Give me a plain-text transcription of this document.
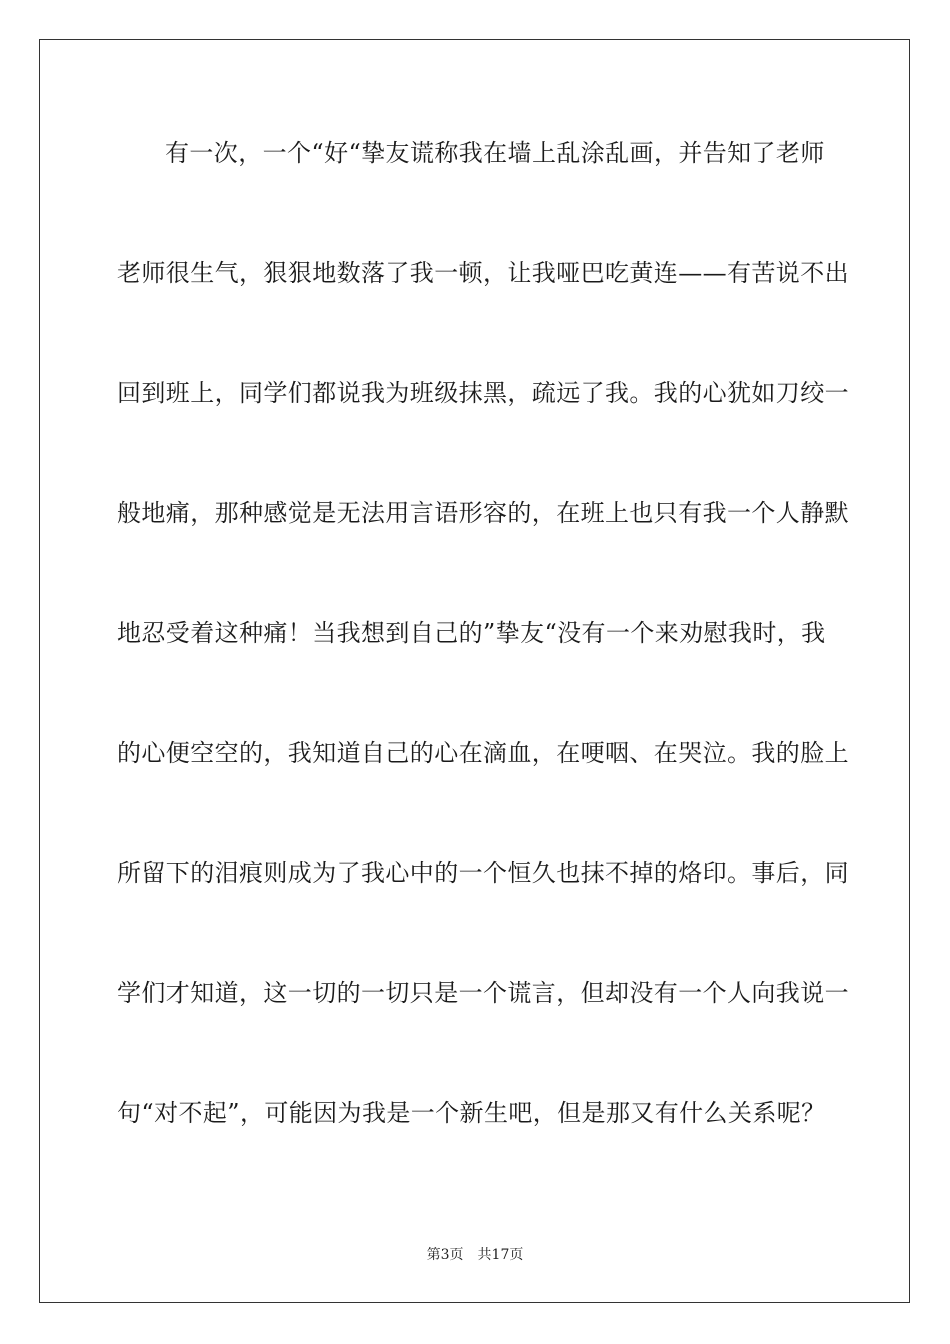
有一次，一个“好“挚友谎称我在墙上乱涂乱画，并告知了老师
老师很生气，狠狠地数落了我一顿，让我哑巴吃黄连——有苦说不出
回到班上，同学们都说我为班级抹黑，疏远了我。我的心犹如刀绞一
般地痛，那种感觉是无法用言语形容的，在班上也只有我一个人静默
地忍受着这种痛！当我想到自己的”挚友“没有一个来劝慰我时，我
的心便空空的，我知道自己的心在滴血，在哽咽、在哭泣。我的脸上
所留下的泪痕则成为了我心中的一个恒久也抹不掉的烙印。事后，同
学们才知道，这一切的一切只是一个谎言，但却没有一个人向我说一
句“对不起”，可能因为我是一个新生吧，但是那又有什么关系呢？
第3页 共17页
